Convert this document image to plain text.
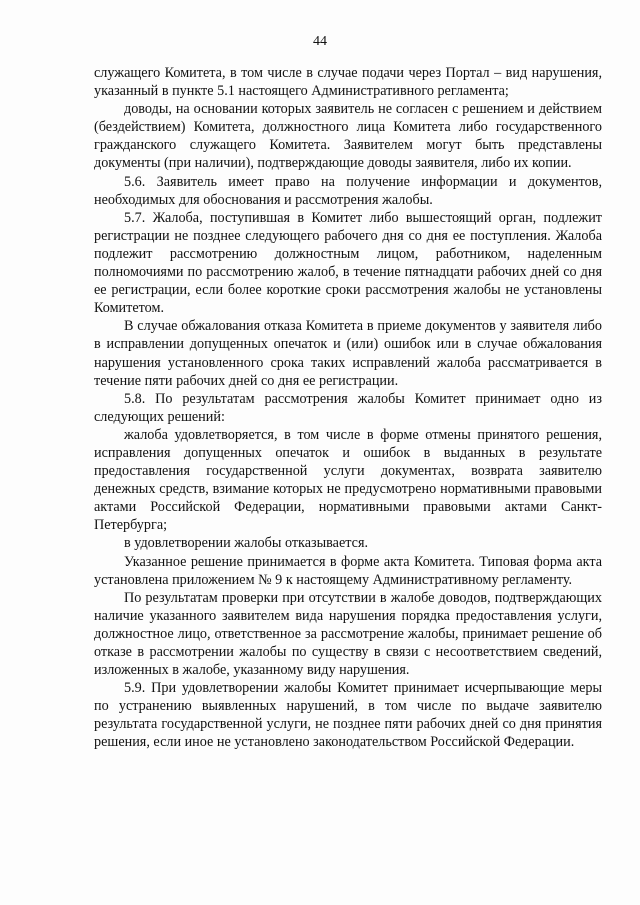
44

служащего Комитета, в том числе в случае подачи через Портал – вид нарушения, указанный в пункте 5.1 настоящего Административного регламента;

доводы, на основании которых заявитель не согласен с решением и действием (бездействием) Комитета, должностного лица Комитета либо государственного гражданского служащего Комитета. Заявителем могут быть представлены документы (при наличии), подтверждающие доводы заявителя, либо их копии.

5.6. Заявитель имеет право на получение информации и документов, необходимых для обоснования и рассмотрения жалобы.

5.7. Жалоба, поступившая в Комитет либо вышестоящий орган, подлежит регистрации не позднее следующего рабочего дня со дня ее поступления. Жалоба подлежит рассмотрению должностным лицом, работником, наделенным полномочиями по рассмотрению жалоб, в течение пятнадцати рабочих дней со дня ее регистрации, если более короткие сроки рассмотрения жалобы не установлены Комитетом.

В случае обжалования отказа Комитета в приеме документов у заявителя либо в исправлении допущенных опечаток и (или) ошибок или в случае обжалования нарушения установленного срока таких исправлений жалоба рассматривается в течение пяти рабочих дней со дня ее регистрации.

5.8. По результатам рассмотрения жалобы Комитет принимает одно из следующих решений:

жалоба удовлетворяется, в том числе в форме отмены принятого решения, исправления допущенных опечаток и ошибок в выданных в результате предоставления государственной услуги документах, возврата заявителю денежных средств, взимание которых не предусмотрено нормативными правовыми актами Российской Федерации, нормативными правовыми актами Санкт-Петербурга;

в удовлетворении жалобы отказывается.

Указанное решение принимается в форме акта Комитета. Типовая форма акта установлена приложением № 9 к настоящему Административному регламенту.

По результатам проверки при отсутствии в жалобе доводов, подтверждающих наличие указанного заявителем вида нарушения порядка предоставления услуги, должностное лицо, ответственное за рассмотрение жалобы, принимает решение об отказе в рассмотрении жалобы по существу в связи с несоответствием сведений, изложенных в жалобе, указанному виду нарушения.

5.9. При удовлетворении жалобы Комитет принимает исчерпывающие меры по устранению выявленных нарушений, в том числе по выдаче заявителю результата государственной услуги, не позднее пяти рабочих дней со дня принятия решения, если иное не установлено законодательством Российской Федерации.
